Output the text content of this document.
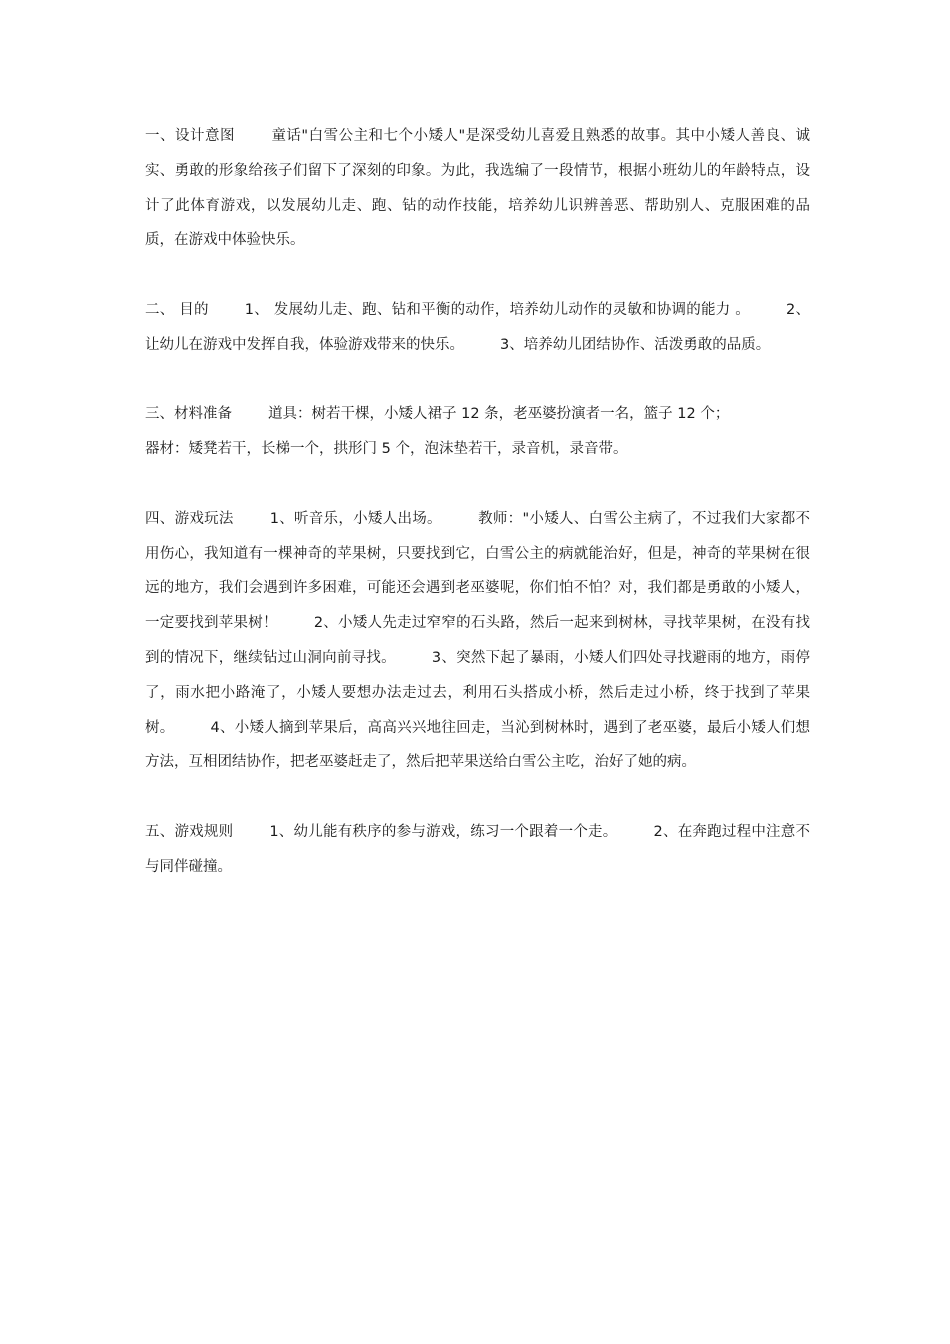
一、设计意图 童话"白雪公主和七个小矮人"是深受幼儿喜爱且熟悉的故事。其中小矮人善良、诚实、勇敢的形象给孩子们留下了深刻的印象。为此，我选编了一段情节，根据小班幼儿的年龄特点，设计了此体育游戏，以发展幼儿走、跑、钻的动作技能，培养幼儿识辨善恶、帮助别人、克服困难的品质，在游戏中体验快乐。

二、 目的 1、 发展幼儿走、跑、钻和平衡的动作，培养幼儿动作的灵敏和协调的能力 。 2、让幼儿在游戏中发挥自我，体验游戏带来的快乐。 3、培养幼儿团结协作、活泼勇敢的品质。

三、材料准备 道具：树若干棵，小矮人裙子 12 条，老巫婆扮演者一名，篮子 12 个；

器材：矮凳若干，长梯一个，拱形门 5 个，泡沫垫若干，录音机，录音带。

四、游戏玩法 1、听音乐，小矮人出场。 教师："小矮人、白雪公主病了，不过我们大家都不用伤心，我知道有一棵神奇的苹果树，只要找到它，白雪公主的病就能治好，但是，神奇的苹果树在很远的地方，我们会遇到许多困难，可能还会遇到老巫婆呢，你们怕不怕？对，我们都是勇敢的小矮人，一定要找到苹果树！ 2、小矮人先走过窄窄的石头路，然后一起来到树林，寻找苹果树，在没有找到的情况下，继续钻过山洞向前寻找。 3、突然下起了暴雨，小矮人们四处寻找避雨的地方，雨停了，雨水把小路淹了，小矮人要想办法走过去，利用石头搭成小桥，然后走过小桥，终于找到了苹果树。 4、小矮人摘到苹果后，高高兴兴地往回走，当沁到树林时，遇到了老巫婆，最后小矮人们想方法，互相团结协作，把老巫婆赶走了，然后把苹果送给白雪公主吃，治好了她的病。

五、游戏规则 1、幼儿能有秩序的参与游戏，练习一个跟着一个走。 2、在奔跑过程中注意不与同伴碰撞。
